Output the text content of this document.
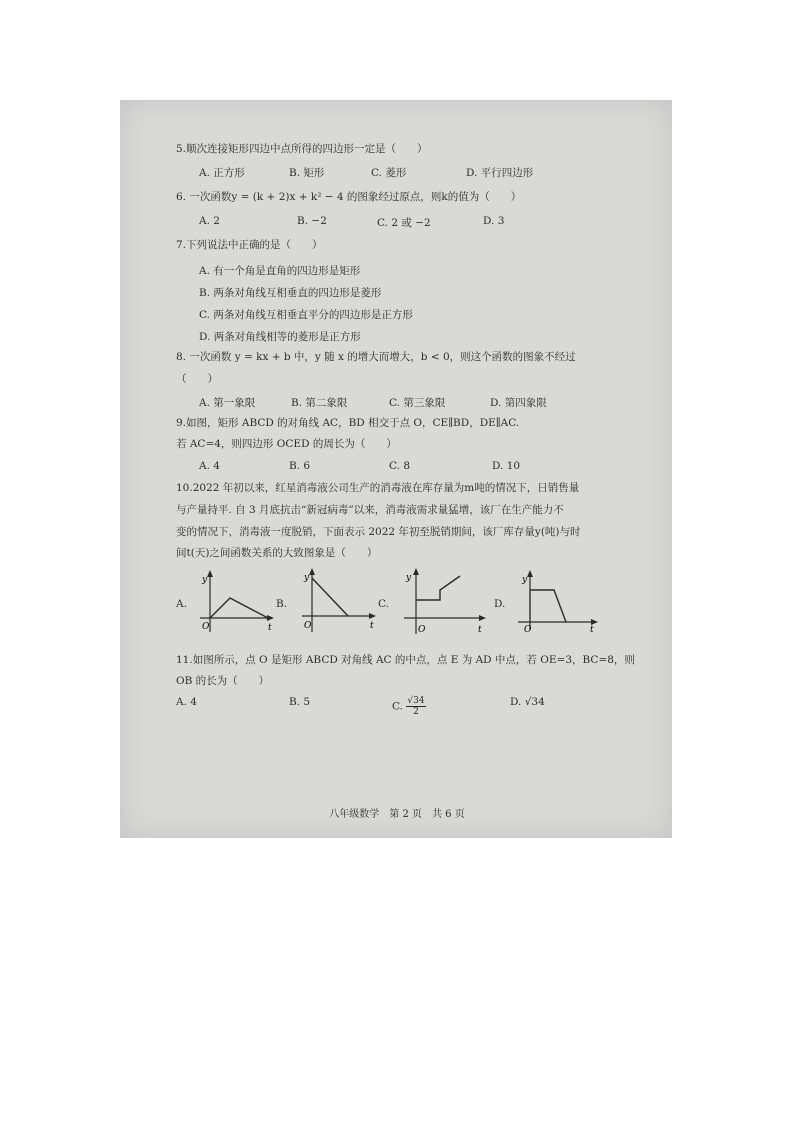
5.顺次连接矩形四边中点所得的四边形一定是（　　）
A. 正方形	B. 矩形	C. 菱形	D. 平行四边形
6. 一次函数y = (k + 2)x + k² − 4 的图象经过原点，则k的值为（　　）
A. 2	B. −2	C. 2 或 −2	D. 3
7.下列说法中正确的是（　　）
A. 有一个角是直角的四边形是矩形
B. 两条对角线互相垂直的四边形是菱形
C. 两条对角线互相垂直平分的四边形是正方形
D. 两条对角线相等的菱形是正方形
8. 一次函数 y = kx + b 中，y 随 x 的增大而增大，b < 0，则这个函数的图象不经过
（　　）
A. 第一象限	B. 第二象限	C. 第三象限	D. 第四象限
9.如图，矩形 ABCD 的对角线 AC，BD 相交于点 O，CE∥BD，DE∥AC.
若 AC=4，则四边形 OCED 的周长为（　　）
A. 4	B. 6	C. 8	D. 10
10.2022 年初以来，红星消毒液公司生产的消毒液在库存量为m吨的情况下，日销售量
与产量持平. 自 3 月底抗击“新冠病毒”以来，消毒液需求量猛增，该厂在生产能力不
变的情况下，消毒液一度脱销，下面表示 2022 年初至脱销期间，该厂库存量y(吨)与时
间t(天)之间函数关系的大致图象是（　　）
A.	B.	C.	D.
y
t
O
y
t
O
y
t
O
y
t
O
11.如图所示，点 O 是矩形 ABCD 对角线 AC 的中点，点 E 为 AD 中点，若 OE=3，BC=8，则
OB 的长为（　　）
A. 4	B. 5	C. $\frac{√34}{2}$	D. √34
八年级数学　第 2 页　共 6 页
